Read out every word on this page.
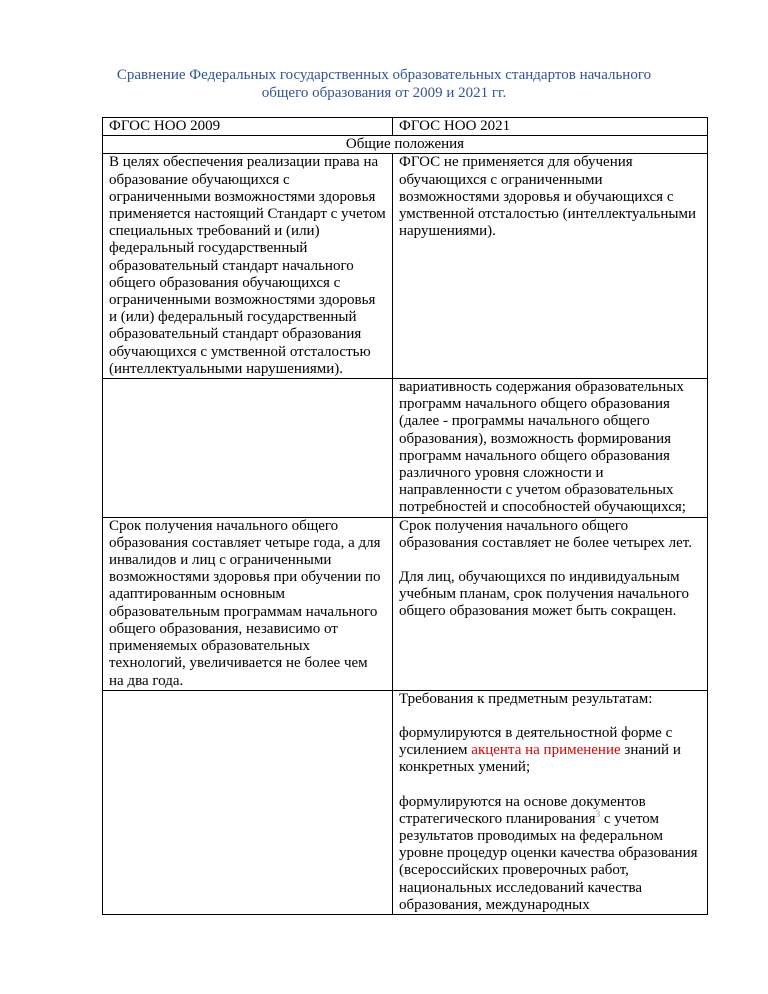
Сравнение Федеральных государственных образовательных стандартов начального общего образования от 2009 и 2021 гг.
ФГОС НОО 2009	ФГОС НОО 2021
Общие положения	
В целях обеспечения реализации права на образование обучающихся с ограниченными возможностями здоровья применяется настоящий Стандарт с учетом специальных требований и (или) федеральный государственный образовательный стандарт начального общего образования обучающихся с ограниченными возможностями здоровья и (или) федеральный государственный образовательный стандарт образования обучающихся с умственной отсталостью (интеллектуальными нарушениями).	ФГОС не применяется для обучения обучающихся с ограниченными возможностями здоровья и обучающихся с умственной отсталостью (интеллектуальными нарушениями).
	вариативность содержания образовательных программ начального общего образования (далее - программы начального общего образования), возможность формирования программ начального общего образования различного уровня сложности и направленности с учетом образовательных потребностей и способностей обучающихся;
Срок получения начального общего образования составляет четыре года, а для инвалидов и лиц с ограниченными возможностями здоровья при обучении по адаптированным основным образовательным программам начального общего образования, независимо от применяемых образовательных технологий, увеличивается не более чем на два года.	Срок получения начального общего образования составляет не более четырех лет.

Для лиц, обучающихся по индивидуальным учебным планам, срок получения начального общего образования может быть сокращен.

	Требования к предметным результатам:

формулируются в деятельностной форме с усилением акцента на применение знаний и конкретных умений;

формулируются на основе документов стратегического планирования$^3$ с учетом результатов проводимых на федеральном уровне процедур оценки качества образования (всероссийских проверочных работ, национальных исследований качества образования, международных
